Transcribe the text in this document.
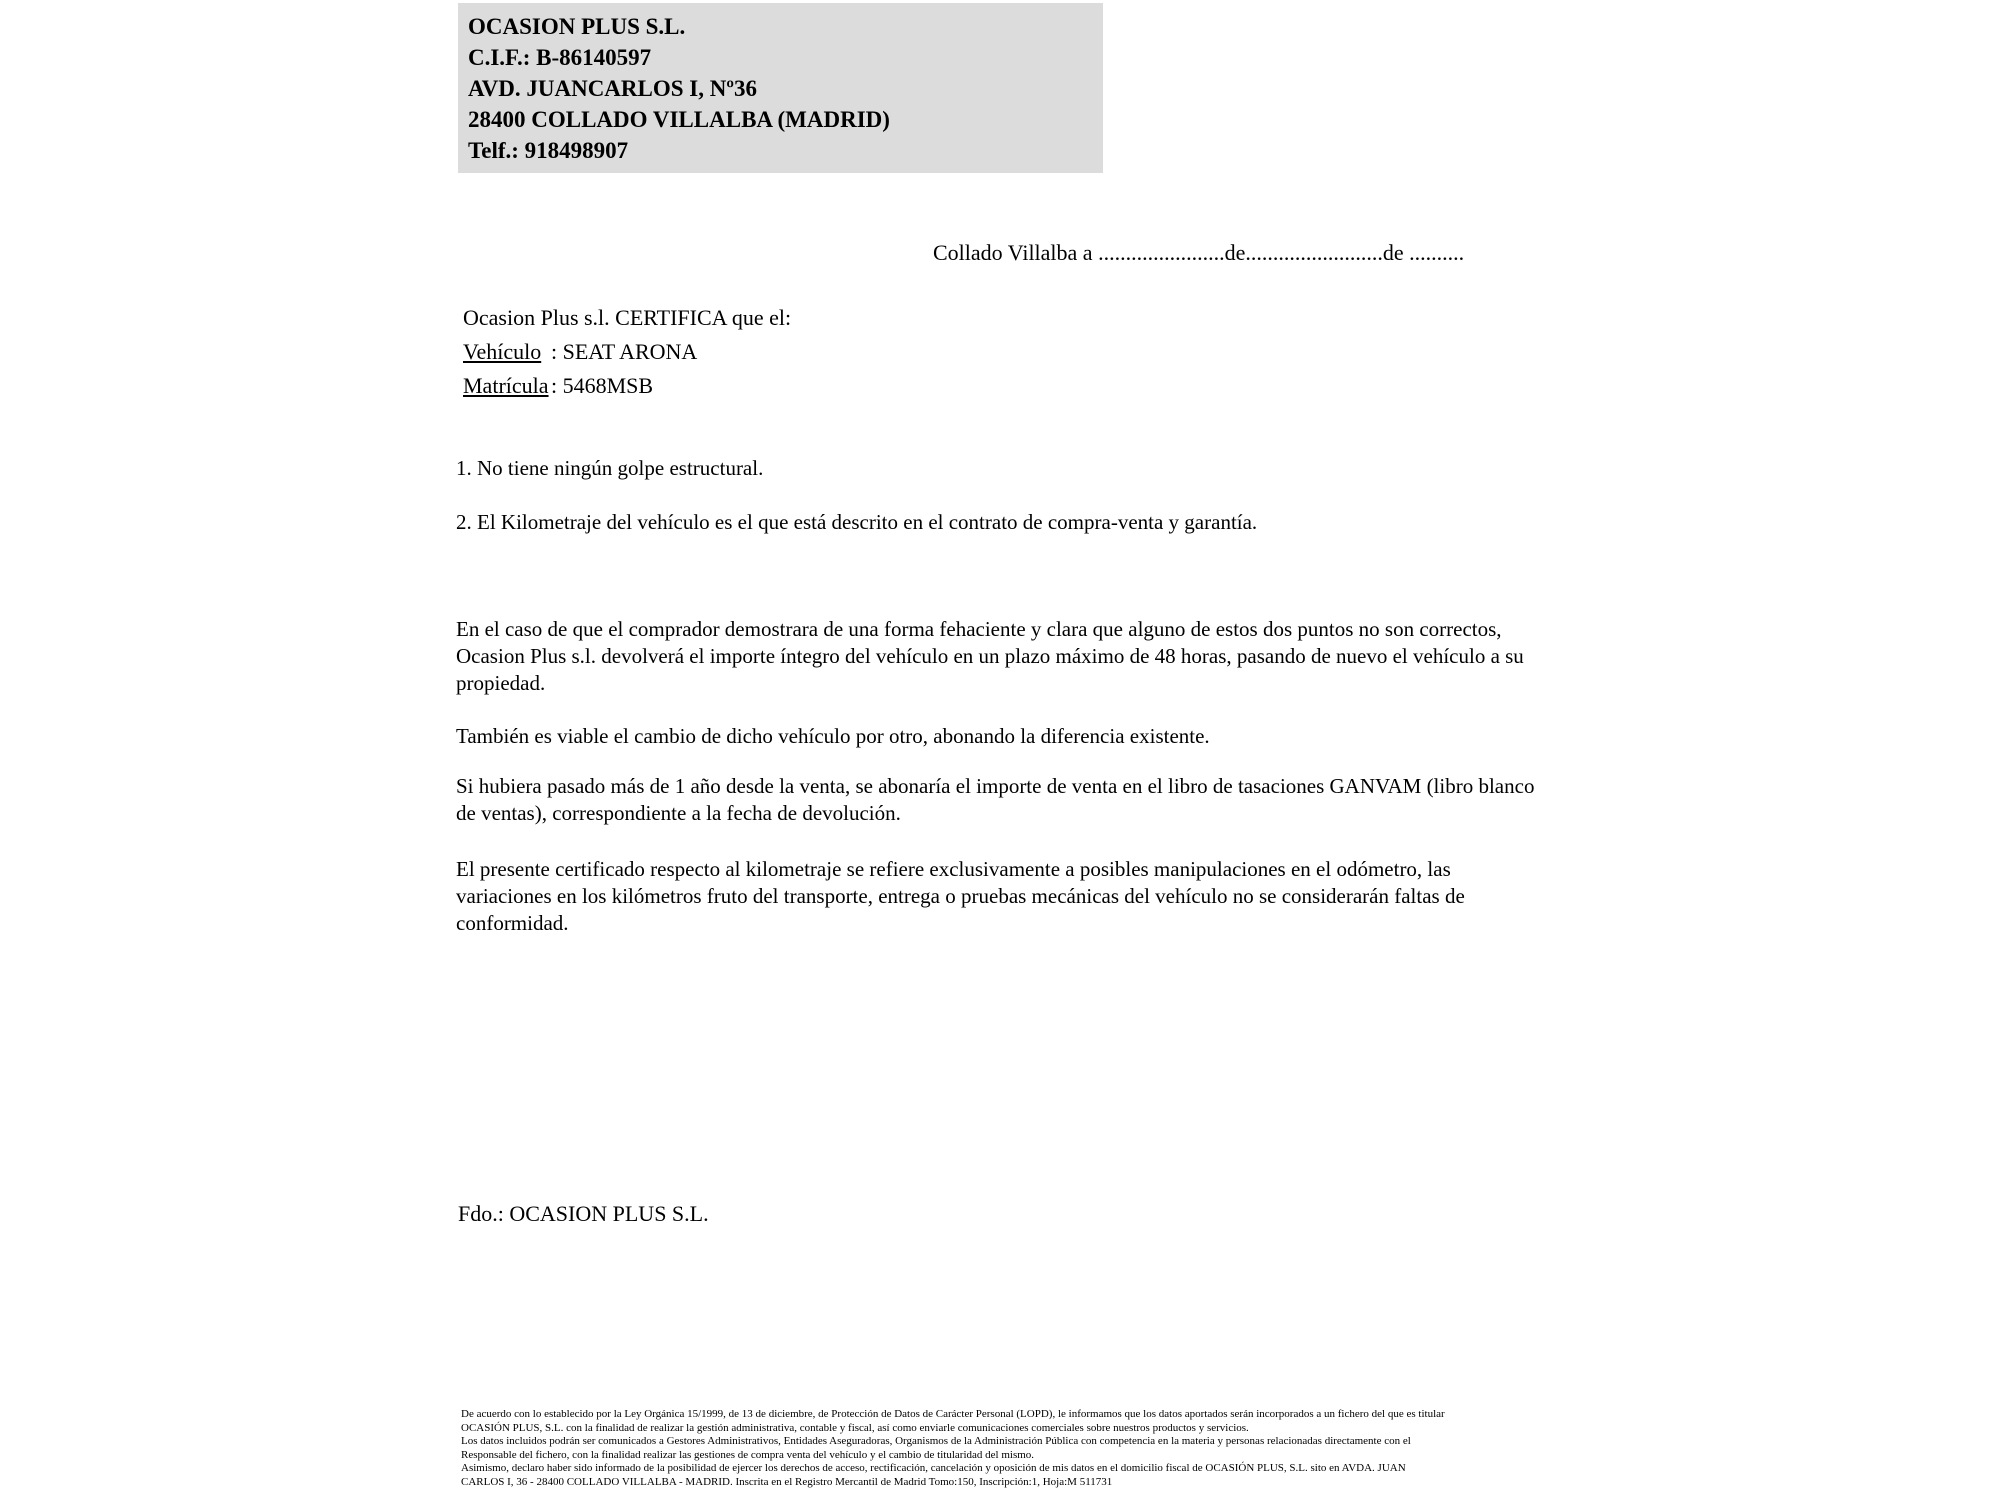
OCASION PLUS S.L.
C.I.F.: B-86140597
AVD. JUANCARLOS I, Nº36
28400 COLLADO VILLALBA (MADRID)
Telf.: 918498907
Collado Villalba a .......................de.........................de ..........
Ocasion Plus s.l. CERTIFICA que el:
Vehículo : SEAT ARONA
Matrícula : 5468MSB
1. No tiene ningún golpe estructural.
2. El Kilometraje del vehículo es el que está descrito en el contrato de compra-venta y garantía.
En el caso de que el comprador demostrara de una forma fehaciente y clara que alguno de estos dos puntos no son correctos, Ocasion Plus s.l. devolverá el importe íntegro del vehículo en un plazo máximo de 48 horas, pasando de nuevo el vehículo a su propiedad.
También es viable el cambio de dicho vehículo por otro, abonando la diferencia existente.
Si hubiera pasado más de 1 año desde la venta, se abonaría el importe de venta en el libro de tasaciones GANVAM (libro blanco de ventas), correspondiente a la fecha de devolución.
El presente certificado respecto al kilometraje se refiere exclusivamente a posibles manipulaciones en el odómetro, las variaciones en los kilómetros fruto del transporte, entrega o pruebas mecánicas del vehículo no se considerarán faltas de conformidad.
Fdo.: OCASION PLUS S.L.
De acuerdo con lo establecido por la Ley Orgánica 15/1999, de 13 de diciembre, de Protección de Datos de Carácter Personal (LOPD), le informamos que los datos aportados serán incorporados a un fichero del que es titular
OCASIÓN PLUS, S.L. con la finalidad de realizar la gestión administrativa, contable y fiscal, así como enviarle comunicaciones comerciales sobre nuestros productos y servicios.
Los datos incluidos podrán ser comunicados a Gestores Administrativos, Entidades Aseguradoras, Organismos de la Administración Pública con competencia en la materia y personas relacionadas directamente con el
Responsable del fichero, con la finalidad realizar las gestiones de compra venta del vehículo y el cambio de titularidad del mismo.
Asimismo, declaro haber sido informado de la posibilidad de ejercer los derechos de acceso, rectificación, cancelación y oposición de mis datos en el domicilio fiscal de OCASIÓN PLUS, S.L. sito en AVDA. JUAN
CARLOS I, 36 - 28400 COLLADO VILLALBA - MADRID. Inscrita en el Registro Mercantil de Madrid Tomo:150, Inscripción:1, Hoja:M 511731
